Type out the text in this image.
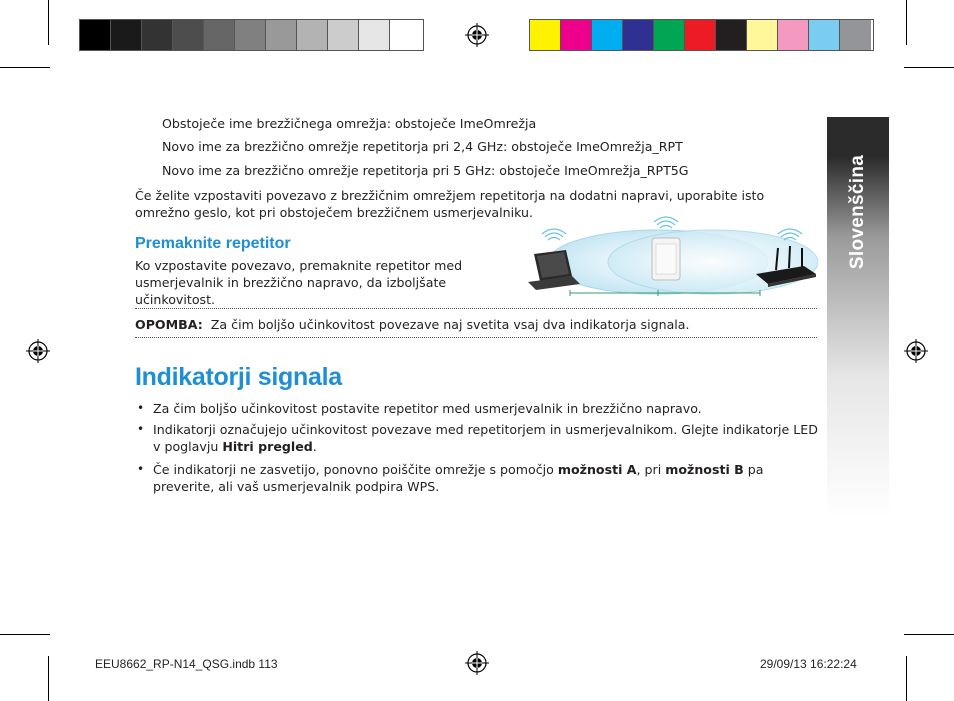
Slovenščina
Obstoječe ime brezžičnega omrežja: obstoječe ImeOmrežja
Novo ime za brezžično omrežje repetitorja pri 2,4 GHz: obstoječe ImeOmrežja_RPT
Novo ime za brezžično omrežje repetitorja pri 5 GHz: obstoječe ImeOmrežja_RPT5G
Če želite vzpostaviti povezavo z brezžičnim omrežjem repetitorja na dodatni napravi, uporabite isto omrežno geslo, kot pri obstoječem brezžičnem usmerjevalniku.
Premaknite repetitor
Ko vzpostavite povezavo, premaknite repetitor med usmerjevalnik in brezžično napravo, da izboljšate učinkovitost.
OPOMBA: Za čim boljšo učinkovitost povezave naj svetita vsaj dva indikatorja signala.
Indikatorji signala
• Za čim boljšo učinkovitost postavite repetitor med usmerjevalnik in brezžično napravo.
• Indikatorji označujejo učinkovitost povezave med repetitorjem in usmerjevalnikom. Glejte indikatorje LED v poglavju Hitri pregled.
• Če indikatorji ne zasvetijo, ponovno poiščite omrežje s pomočjo možnosti A, pri možnosti B pa preverite, ali vaš usmerjevalnik podpira WPS.
EEU8662_RP-N14_QSG.indb 113	29/09/13 16:22:24
